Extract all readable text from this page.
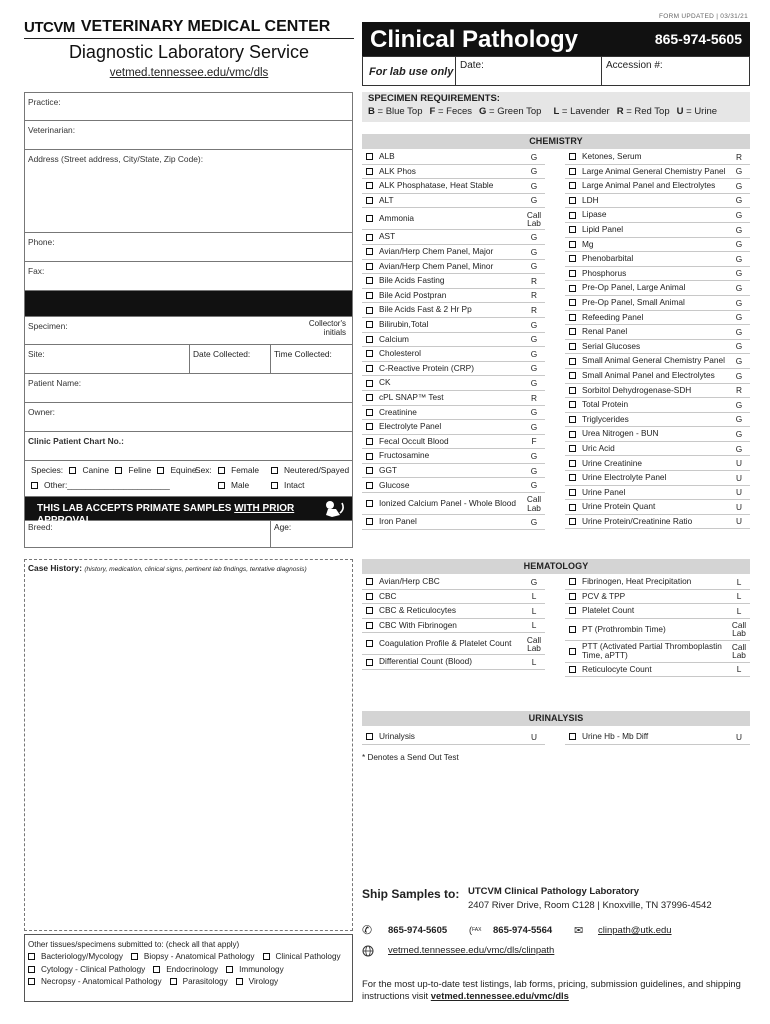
UTCVM VETERINARY MEDICAL CENTER
Diagnostic Laboratory Service
vetmed.tennessee.edu/vmc/dls
FORM UPDATED | 03/31/21
Clinical Pathology	865-974-5605
For lab use only
Date:	Accession #:
SPECIMEN REQUIREMENTS:
B = Blue Top F = Feces G = Green Top L = Lavender R = Red Top U = Urine
Practice:
Veterinarian:
Address (Street address, City/State, Zip Code):
Phone:
Fax:
Specimen:	Collector's initials
Site:	Date Collected:	Time Collected:
Patient Name:
Owner:
Clinic Patient Chart No.:
Species: Canine Feline Equine
Other:______________________
Sex: Female
Male
Neutered/Spayed
Intact
THIS LAB ACCEPTS PRIMATE SAMPLES WITH PRIOR APPROVAL.
Breed:	Age:
Case History: (history, medication, clinical signs, pertinent lab findings, tentative diagnosis)
Other tissues/specimens submitted to: (check all that apply)
Bacteriology/Mycology	Biopsy - Anatomical Pathology	Clinical Pathology
Cytology - Clinical Pathology	Endocrinology	Immunology
Necropsy - Anatomical Pathology	Parasitology	Virology
CHEMISTRY
ALB	G
ALK Phos	G
ALK Phosphatase, Heat Stable	G
ALT	G
Ammonia	Call Lab
AST	G
Avian/Herp Chem Panel, Major	G
Avian/Herp Chem Panel, Minor	G
Bile Acids Fasting	R
Bile Acid Postpran	R
Bile Acids Fast & 2 Hr Pp	R
Bilirubin,Total	G
Calcium	G
Cholesterol	G
C-Reactive Protein (CRP)	G
CK	G
cPL SNAP™ Test	R
Creatinine	G
Electrolyte Panel	G
Fecal Occult Blood	F
Fructosamine	G
GGT	G
Glucose	G
Ionized Calcium Panel - Whole Blood	Call Lab
Iron Panel	G
Ketones, Serum	R
Large Animal General Chemistry Panel	G
Large Animal Panel and Electrolytes	G
LDH	G
Lipase	G
Lipid Panel	G
Mg	G
Phenobarbital	G
Phosphorus	G
Pre-Op Panel, Large Animal	G
Pre-Op Panel, Small Animal	G
Refeeding Panel	G
Renal Panel	G
Serial Glucoses	G
Small Animal General Chemistry Panel	G
Small Animal Panel and Electrolytes	G
Sorbitol Dehydrogenase-SDH	R
Total Protein	G
Triglycerides	G
Urea Nitrogen - BUN	G
Uric Acid	G
Urine Creatinine	U
Urine Electrolyte Panel	U
Urine Panel	U
Urine Protein Quant	U
Urine Protein/Creatinine Ratio	U
HEMATOLOGY
Avian/Herp CBC	G
CBC	L
CBC & Reticulocytes	L
CBC With Fibrinogen	L
Coagulation Profile & Platelet Count	Call Lab
Differential Count (Blood)	L
Fibrinogen, Heat Precipitation	L
PCV & TPP	L
Platelet Count	L
PT (Prothrombin Time)	Call Lab
PTT (Activated Partial Thromboplastin Time, aPTT)
Call Lab
Reticulocyte Count	L
URINALYSIS
Urinalysis	U	Urine Hb - Mb Diff	U
* Denotes a Send Out Test
Ship Samples to: UTCVM Clinical Pathology Laboratory
2407 River Drive, Room C128 | Knoxville, TN 37996-4542
✆ 865-974-5605 ($^{FAX}$ 865-974-5564 ✉ clinpath@utk.edu
vetmed.tennessee.edu/vmc/dls/clinpath
For the most up-to-date test listings, lab forms, pricing, submission guidelines, and shipping instructions visit vetmed.tennessee.edu/vmc/dls
